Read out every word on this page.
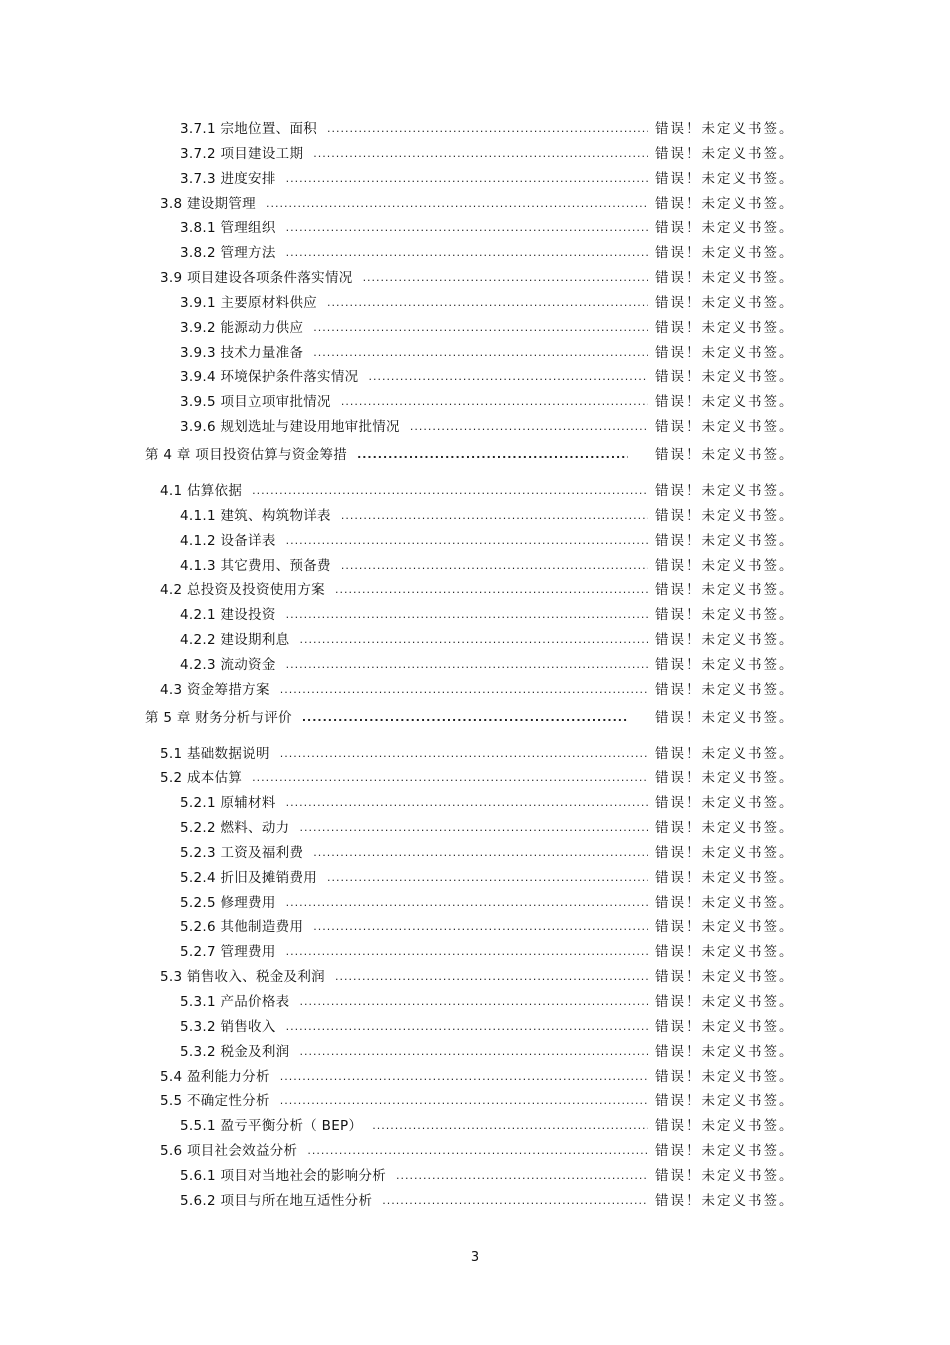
3.7.1 宗地位置、面积 .....	错误！未定义书签。
3.7.2 项目建设工期 .....	错误！未定义书签。
3.7.3 进度安排 .....	错误！未定义书签。
3.8 建设期管理 .....	错误！未定义书签。
3.8.1 管理组织 .....	错误！未定义书签。
3.8.2 管理方法 .....	错误！未定义书签。
3.9 项目建设各项条件落实情况 .....	错误！未定义书签。
3.9.1 主要原材料供应 .....	错误！未定义书签。
3.9.2 能源动力供应 .....	错误！未定义书签。
3.9.3 技术力量准备 .....	错误！未定义书签。
3.9.4 环境保护条件落实情况 .....	错误！未定义书签。
3.9.5 项目立项审批情况 .....	错误！未定义书签。
3.9.6 规划选址与建设用地审批情况 .....	错误！未定义书签。
第 4 章 项目投资估算与资金筹措 .....	错误！未定义书签。
4.1 估算依据 .....	错误！未定义书签。
4.1.1 建筑、构筑物详表 .....	错误！未定义书签。
4.1.2 设备详表 .....	错误！未定义书签。
4.1.3 其它费用、预备费 .....	错误！未定义书签。
4.2 总投资及投资使用方案 .....	错误！未定义书签。
4.2.1 建设投资 .....	错误！未定义书签。
4.2.2 建设期利息 .....	错误！未定义书签。
4.2.3 流动资金 .....	错误！未定义书签。
4.3 资金筹措方案 .....	错误！未定义书签。
第 5 章 财务分析与评价 .....	错误！未定义书签。
5.1 基础数据说明 .....	错误！未定义书签。
5.2 成本估算 .....	错误！未定义书签。
5.2.1 原辅材料 .....	错误！未定义书签。
5.2.2 燃料、动力 .....	错误！未定义书签。
5.2.3 工资及福利费 .....	错误！未定义书签。
5.2.4 折旧及摊销费用 .....	错误！未定义书签。
5.2.5 修理费用 .....	错误！未定义书签。
5.2.6 其他制造费用 .....	错误！未定义书签。
5.2.7 管理费用 .....	错误！未定义书签。
5.3 销售收入、税金及利润 .....	错误！未定义书签。
5.3.1 产品价格表 .....	错误！未定义书签。
5.3.2 销售收入 .....	错误！未定义书签。
5.3.2 税金及利润 .....	错误！未定义书签。
5.4 盈利能力分析 .....	错误！未定义书签。
5.5 不确定性分析 .....	错误！未定义书签。
5.5.1 盈亏平衡分析（ BEP） .....	错误！未定义书签。
5.6 项目社会效益分析 .....	错误！未定义书签。
5.6.1 项目对当地社会的影响分析 .....	错误！未定义书签。
5.6.2 项目与所在地互适性分析 .....	错误！未定义书签。
3
